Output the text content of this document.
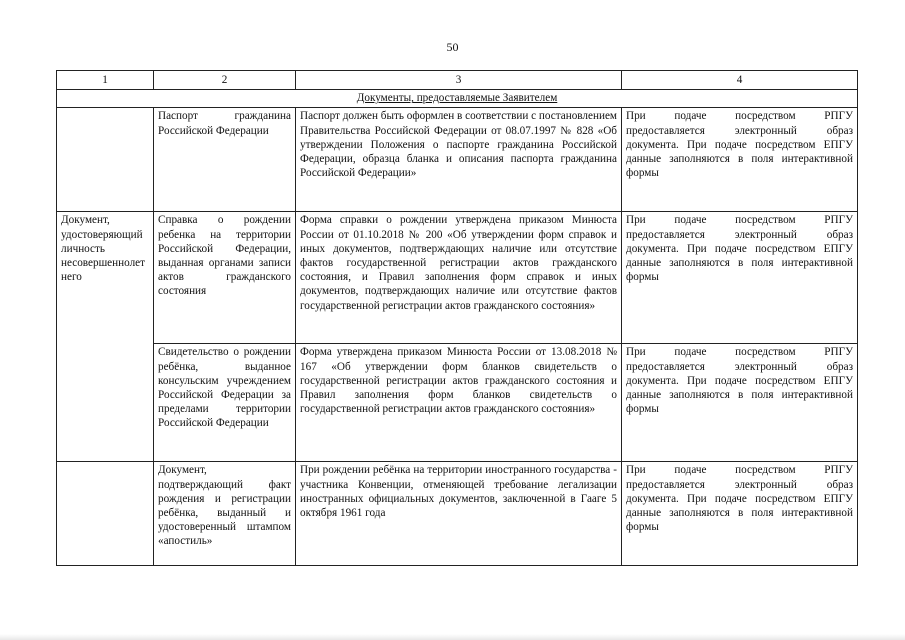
50
1	2	3	4
Документы, предоставляемые Заявителем			
	Паспорт гражданина Российской Федерации	Паспорт должен быть оформлен в соответствии с постановлением Правительства Российской Федерации от 08.07.1997 № 828 «Об утверждении Положения о паспорте гражданина Российской Федерации, образца бланка и описания паспорта гражданина Российской Федерации»	При подаче посредством РПГУ предоставляется электронный образ документа. При подаче посредством ЕПГУ данные заполняются в поля интерактивной формы
Документ, удостоверяющий личность несовершеннолетнего	Справка о рождении ребенка на территории Российской Федерации, выданная органами записи актов гражданского состояния	Форма справки о рождении утверждена приказом Минюста России от 01.10.2018 № 200 «Об утверждении форм справок и иных документов, подтверждающих наличие или отсутствие фактов государственной регистрации актов гражданского состояния, и Правил заполнения форм справок и иных документов, подтверждающих наличие или отсутствие фактов государственной регистрации актов гражданского состояния»	При подаче посредством РПГУ предоставляется электронный образ документа. При подаче посредством ЕПГУ данные заполняются в поля интерактивной формы
	Свидетельство о рождении ребёнка, выданное консульским учреждением Российской Федерации за пределами территории Российской Федерации	Форма утверждена приказом Минюста России от 13.08.2018 № 167 «Об утверждении форм бланков свидетельств о государственной регистрации актов гражданского состояния и Правил заполнения форм бланков свидетельств о государственной регистрации актов гражданского состояния»	При подаче посредством РПГУ предоставляется электронный образ документа. При подаче посредством ЕПГУ данные заполняются в поля интерактивной формы
	Документ, подтверждающий факт рождения и регистрации ребёнка, выданный и удостоверенный штампом «апостиль»	При рождении ребёнка на территории иностранного государства - участника Конвенции, отменяющей требование легализации иностранных официальных документов, заключенной в Гааге 5 октября 1961 года	При подаче посредством РПГУ предоставляется электронный образ документа. При подаче посредством ЕПГУ данные заполняются в поля интерактивной формы
